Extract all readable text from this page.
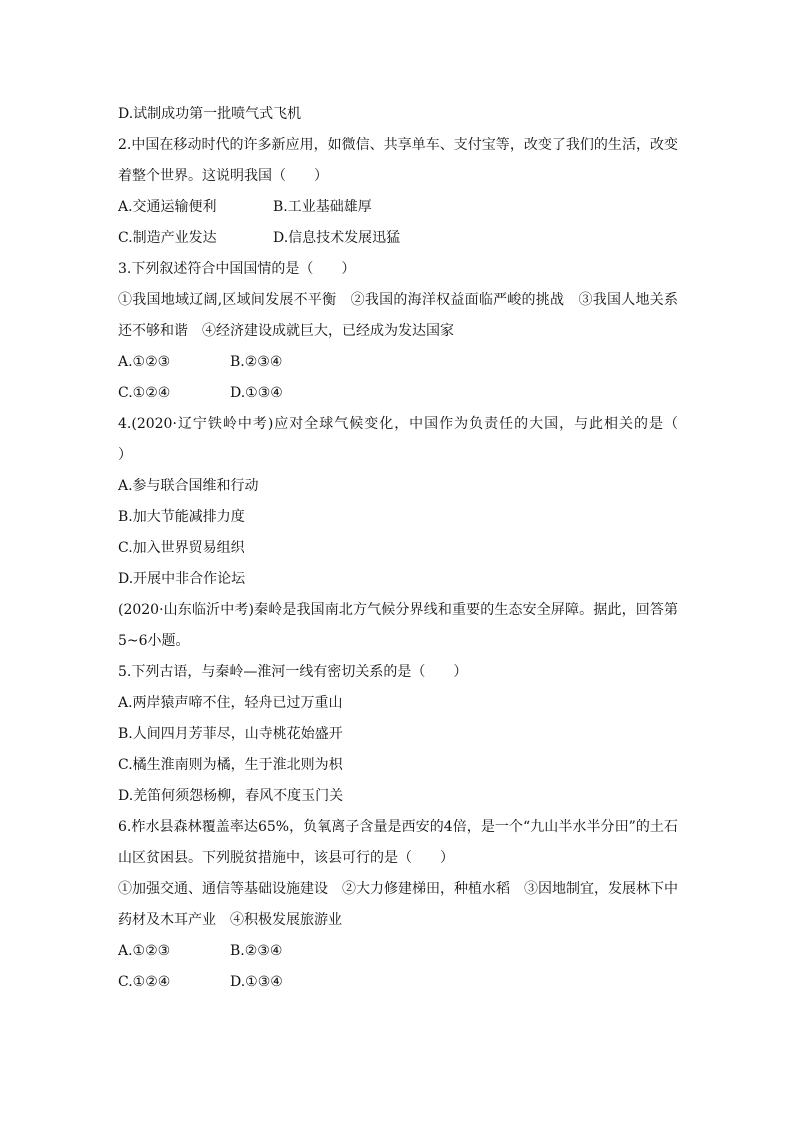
D.试制成功第一批喷气式飞机

2.中国在移动时代的许多新应用，如微信、共享单车、支付宝等，改变了我们的生活，改变着整个世界。这说明我国（　　）

A.交通运输便利	B.工业基础雄厚
C.制造产业发达	D.信息技术发展迅猛

3.下列叙述符合中国国情的是（　　）

①我国地域辽阔,区域间发展不平衡　②我国的海洋权益面临严峻的挑战　③我国人地关系还不够和谐　④经济建设成就巨大，已经成为发达国家

A.①②③	B.②③④
C.①②④	D.①③④

4.(2020·辽宁铁岭中考)应对全球气候变化，中国作为负责任的大国，与此相关的是（　　）

A.参与联合国维和行动

B.加大节能减排力度

C.加入世界贸易组织

D.开展中非合作论坛

(2020·山东临沂中考)秦岭是我国南北方气候分界线和重要的生态安全屏障。据此，回答第5~6小题。

5.下列古语，与秦岭—淮河一线有密切关系的是（　　）

A.两岸猿声啼不住，轻舟已过万重山

B.人间四月芳菲尽，山寺桃花始盛开

C.橘生淮南则为橘，生于淮北则为枳

D.羌笛何须怨杨柳，春风不度玉门关

6.柞水县森林覆盖率达65%，负氧离子含量是西安的4倍，是一个“九山半水半分田”的土石山区贫困县。下列脱贫措施中，该县可行的是（　　）

①加强交通、通信等基础设施建设　②大力修建梯田，种植水稻　③因地制宜，发展林下中药材及木耳产业　④积极发展旅游业

A.①②③	B.②③④
C.①②④	D.①③④
